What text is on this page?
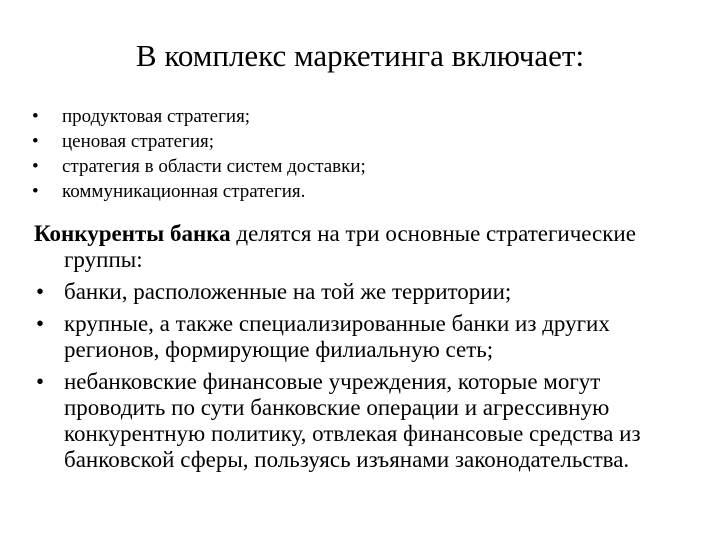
В комплекс маркетинга включает:
• продуктовая стратегия;
• ценовая стратегия;
• стратегия в области систем доставки;
• коммуникационная стратегия.

Конкуренты банка делятся на три основные стратегические группы:

• банки, расположенные на той же территории;
• крупные, а также специализированные банки из других регионов, формирующие филиальную сеть;
• небанковские финансовые учреждения, которые могут проводить по сути банковские операции и агрессивную конкурентную политику, отвлекая финансовые средства из банковской сферы, пользуясь изъянами законодательства.
